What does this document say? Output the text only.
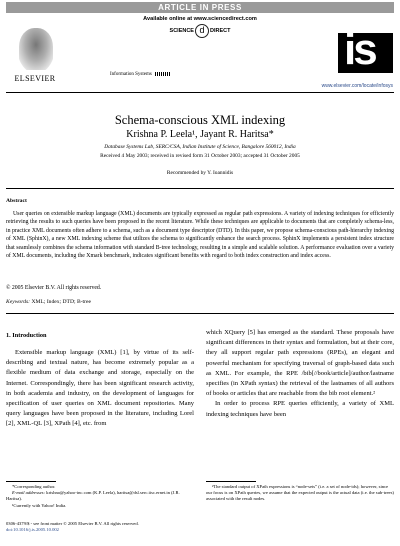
ARTICLE IN PRESS
Available online at www.sciencedirect.com
SCIENCE d	DIRECT
ELSEVIER	Information Systems
is
www.elsevier.com/locate/infosys
Schema-conscious XML indexing
Krishna P. Leela¹, Jayant R. Haritsa*
Database Systems Lab, SERC/CSA, Indian Institute of Science, Bangalore 560012, India
Received 4 May 2003; received in revised form 31 October 2003; accepted 31 October 2005
Recommended by Y. Ioannidis
Abstract
User queries on extensible markup language (XML) documents are typically expressed as regular path expressions. A variety of indexing techniques for efficiently retrieving the results to such queries have been proposed in the recent literature. While these techniques are applicable to documents that are completely schema-less, in practice XML documents often adhere to a schema, such as a document type descriptor (DTD). In this paper, we propose schema-conscious path-hierarchy indexing of XML (SphinX), a new XML indexing scheme that utilizes the schema to significantly enhance the search process. SphinX implements a persistent index structure that seamlessly combines the schema information with standard B-tree technology, resulting in a simple and scalable solution. A performance evaluation over a variety of XML documents, including the Xmark benchmark, indicates significant benefits with regard to both index construction and index access.
© 2005 Elsevier B.V. All rights reserved.
Keywords: XML; Index; DTD; B-tree
1. Introduction

Extensible markup language (XML) [1], by virtue of its self-describing and textual nature, has become extremely popular as a flexible medium of data exchange and storage, especially on the Internet. Correspondingly, there has been significant research activity, in both academia and industry, on the development of languages for specification of user queries on XML document repositories. Many query languages have been proposed in the literature, including Lorel [2], XML-QL [3], XPath [4], etc. from

which XQuery [5] has emerged as the standard. These proposals have significant differences in their syntax and formulation, but at their core, they all support regular path expressions (RPEs), an elegant and powerful mechanism for specifying traversal of graph-based data such as XML. For example, the RPE /bib[//book/article]/author/lastname specifies (in XPath syntax) the retrieval of the lastnames of all authors of books or articles that are reachable from the bib root element.²

In order to process RPE queries efficiently, a variety of XML indexing techniques have been

*Corresponding author.
E-mail addresses: krishna@yahoo-inc.com (K.P. Leela), haritsa@dsl.serc.iisc.ernet.in (J.R. Haritsa).
¹Currently with Yahoo! India.
²The standard output of XPath expressions is “node-sets” (i.e. a set of node-ids); however, since our focus is on XPath queries, we assume that the expected output is the actual data (i.e. the sub-trees) associated with the result nodes.
0306-4379/$ - see front matter © 2005 Elsevier B.V. All rights reserved.
doi:10.1016/j.is.2005.10.002
